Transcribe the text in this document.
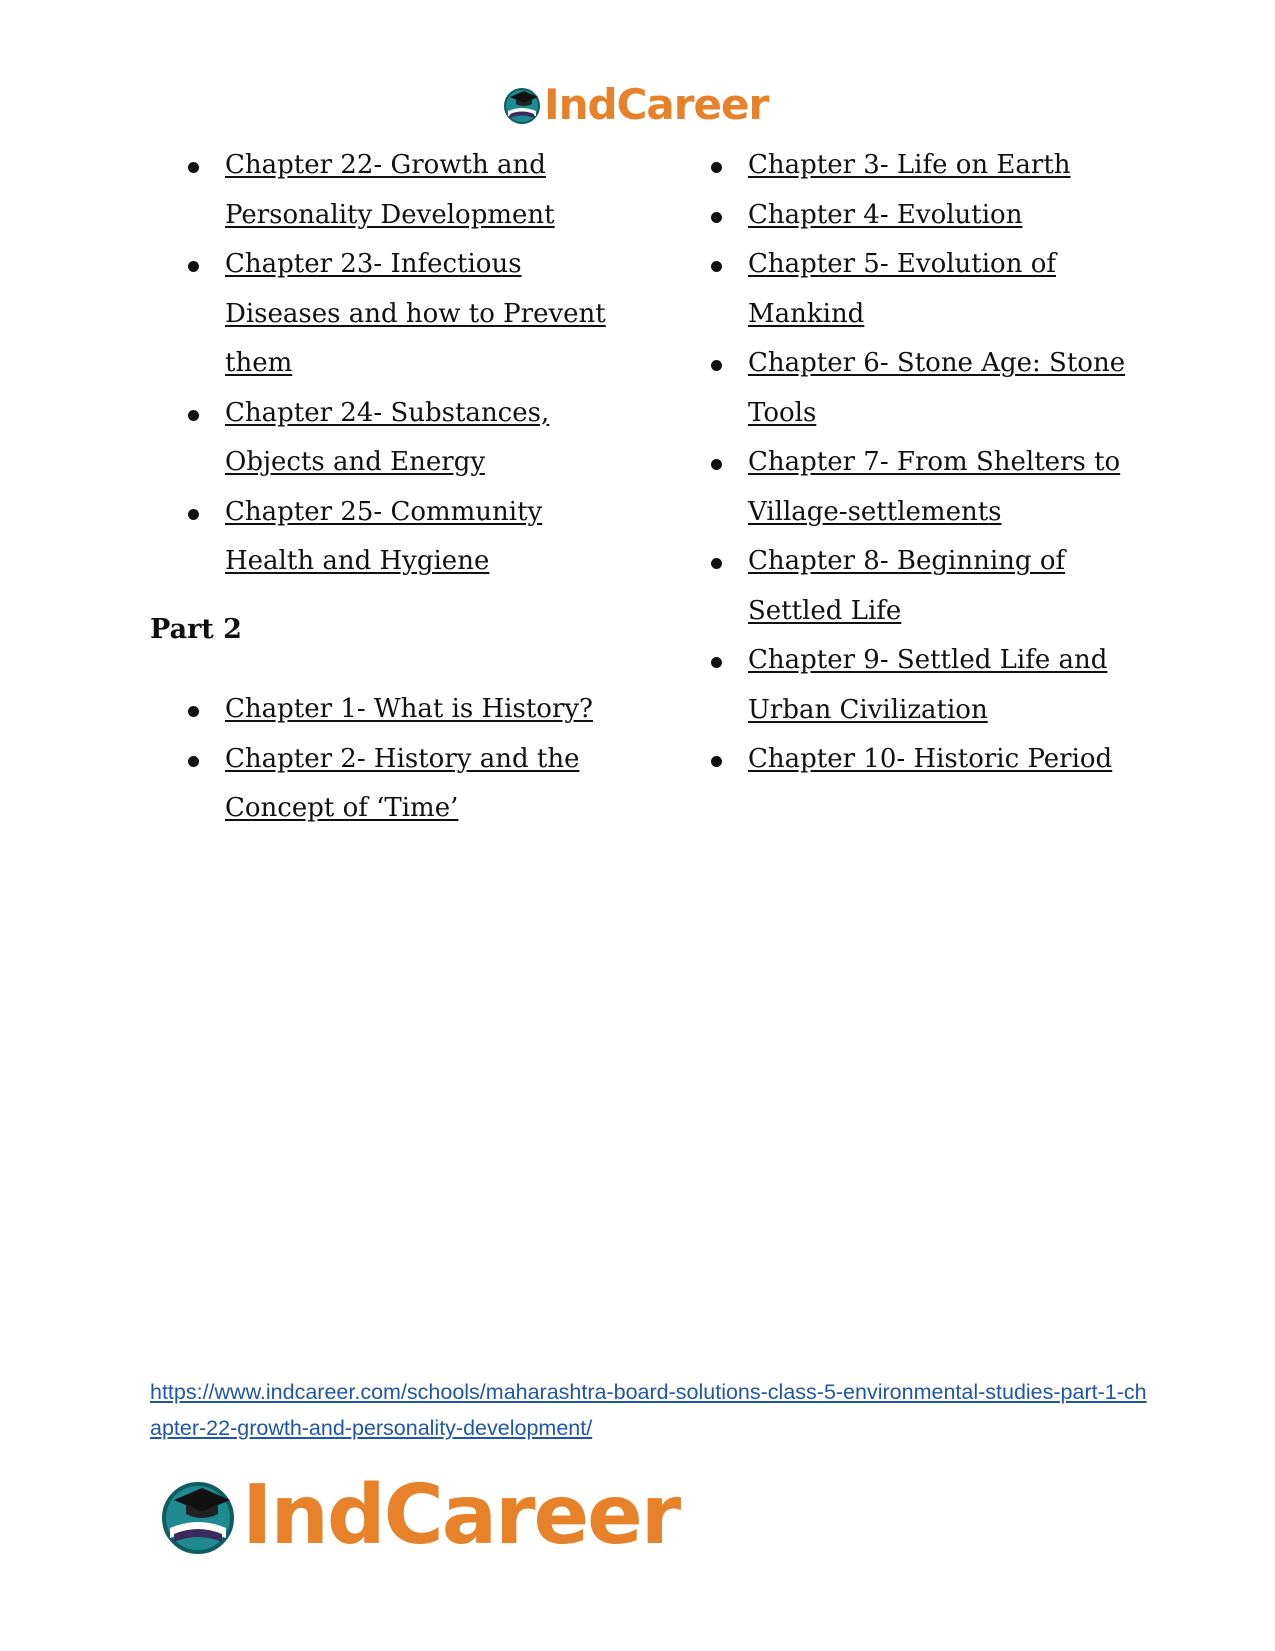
IndCareer
Chapter 22- Growth and Personality Development
Chapter 23- Infectious Diseases and how to Prevent them
Chapter 24- Substances, Objects and Energy
Chapter 25- Community Health and Hygiene
Part 2
Chapter 1- What is History?
Chapter 2- History and the Concept of ‘Time’
Chapter 3- Life on Earth
Chapter 4- Evolution
Chapter 5- Evolution of Mankind
Chapter 6- Stone Age: Stone Tools
Chapter 7- From Shelters to Village-settlements
Chapter 8- Beginning of Settled Life
Chapter 9- Settled Life and Urban Civilization
Chapter 10- Historic Period
https://www.indcareer.com/schools/maharashtra-board-solutions-class-5-environmental-studies-part-1-chapter-22-growth-and-personality-development/
IndCareer
